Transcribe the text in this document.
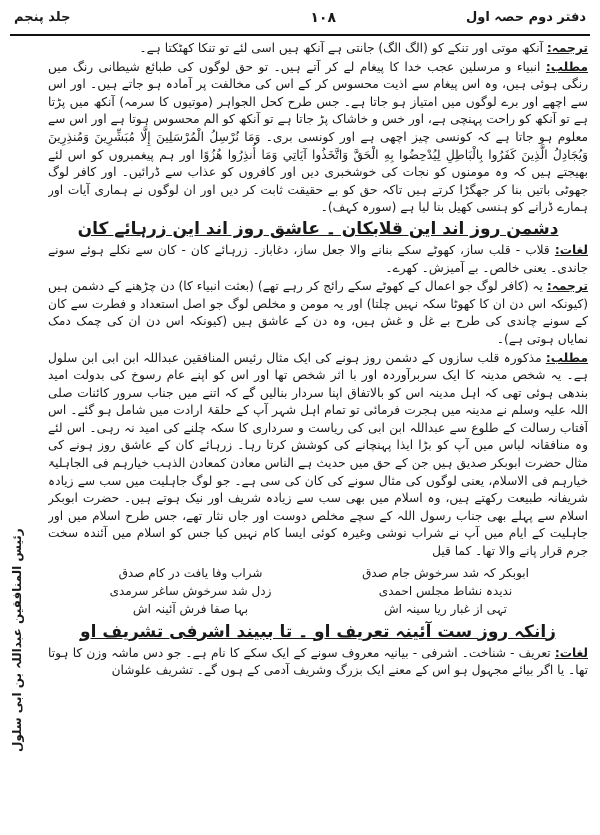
دفتر دوم حصہ اول
۱۰۸
جلد پنجم

ترجمہ: آنکھ موتی اور تنکے کو (الگ الگ) جانتی ہے آنکھ ہیں اسی لئے تو تنکا کھٹکتا ہے۔

مطلب: انبیاء و مرسلین عجب خدا کا پیغام لے کر آتے ہیں۔ تو حق لوگوں کی طبائع شیطانی رنگ میں رنگی ہوئی ہیں، وہ اس پیغام سے اذیت محسوس کر کے اس کی مخالفت پر آمادہ ہو جاتے ہیں۔ اور اس سے اچھے اور برے لوگوں میں امتیاز ہو جاتا ہے۔ جس طرح کحل الجواہر (موتیوں کا سرمہ) آنکھ میں پڑتا ہے تو آنکھ کو راحت پہنچی ہے، اور خس و خاشاک پڑ جاتا ہے تو آنکھ کو الم محسوس ہوتا ہے اور اس سے معلوم ہو جاتا ہے کہ کونسی چیز اچھی ہے اور کونسی بری۔ وَمَا نُرْسِلُ الْمُرْسَلِينَ إِلَّا مُبَشِّرِينَ وَمُنذِرِينَ وَيُجَادِلُ الَّذِينَ كَفَرُوا بِالْبَاطِلِ لِيُدْحِضُوا بِهِ الْحَقَّ وَاتَّخَذُوا آيَاتِي وَمَا أُنذِرُوا هُزُوًا اور ہم پیغمبروں کو اس لئے بھیجتے ہیں کہ وہ مومنوں کو نجات کی خوشخبری دیں اور کافروں کو عذاب سے ڈرائیں۔ اور کافر لوگ جھوٹی باتیں بنا کر جھگڑا کرتے ہیں تاکہ حق کو بے حقیقت ثابت کر دیں اور ان لوگوں نے ہماری آیات اور ہمارے ڈرانے کو ہنسی کھیل بنا لیا ہے (سورہ کہف)۔

دشمن روز اند این قلابکان ۔ عاشق روز اند این زرہائے کان

لغات: قلاب - قلب ساز، کھوٹے سکے بنانے والا جعل ساز، دغاباز۔ زرہائے کان - کان سے نکلے ہوئے سونے جاندی۔ یعنی خالص۔ بے آمیزش۔ کھرے۔

ترجمہ: یہ (کافر لوگ جو اعمال کے کھوٹے سکے رائج کر رہے تھے) (بعثت انبیاء کا) دن چڑھنے کے دشمن ہیں (کیونکہ اس دن ان کا کھوٹا سکہ نہیں چلتا) اور یہ مومن و مخلص لوگ جو اصل استعداد و فطرت سے کان کے سونے چاندی کی طرح بے غل و غش ہیں، وہ دن کے عاشق ہیں (کیونکہ اس دن ان کی چمک دمک نمایاں ہوتی ہے)۔

مطلب: مذکورہ قلب سازوں کے دشمن روز ہونے کی ایک مثال رئیس المنافقین عبداللہ ابن ابی ابن سلول ہے۔ یہ شخص مدینہ کا ایک سربرآوردہ اور با اثر شخص تھا اور اس کو اپنے عام رسوخ کی بدولت امید بندھی ہوئی تھی کہ اہل مدینہ اس کو بالاتفاق اپنا سردار بنالیں گے کہ اتنے میں جناب سرور کائنات صلی اللہ علیہ وسلم نے مدینہ میں ہجرت فرمائی تو تمام اہل شہر آپ کے حلقۂ ارادت میں شامل ہو گئے۔ اس آفتاب رسالت کے طلوع سے عبداللہ ابن ابی کی ریاست و سرداری کا سکہ چلنے کی امید نہ رہی۔ اس لئے وہ منافقانہ لباس میں آپ کو بڑا ایذا پہنچانے کی کوشش کرتا رہا۔ زرہائے کان کے عاشق روز ہونے کی مثال حضرت ابوبکر صدیق ہیں جن کے حق میں حدیث ہے الناس معادن کمعادن الذہب خیارہم فی الجاہلیۃ خیارہم فی الاسلام، یعنی لوگوں کی مثال سونے کی کان کی سی ہے۔ جو لوگ جاہلیت میں سب سے زیادہ شریفانہ طبیعت رکھتے ہیں، وہ اسلام میں بھی سب سے زیادہ شریف اور نیک ہوتے ہیں۔ حضرت ابوبکر اسلام سے پہلے بھی جناب رسول اللہ کے سچے مخلص دوست اور جاں نثار تھے، جس طرح اسلام میں اور جاہلیت کے ایام میں آپ نے شراب نوشی وغیرہ کوئی ایسا کام نہیں کیا جس کو اسلام میں آئندہ سخت جرم قرار پانے والا تھا۔ کما قیل

ابوبکر کہ شد سرخوش جام صدق
شراب وفا یافت در کام صدق
ندیدہ نشاط مجلس احمدی
زدل شد سرخوش ساغر سرمدی
تہی از غبار ریا سینہ اش
بہا صفا فرش آئینہ اش
زانکہ روز ست آئینہ تعریف او ۔ تا ببیند اشرفی تشریف او

لغات: تعریف - شناخت۔ اشرفی - بیانیہ معروف سونے کے ایک سکے کا نام ہے۔ جو دس ماشہ وزن کا ہوتا تھا۔ یا اگر بیائے مجہول ہو اس کے معنے ایک بزرگ وشریف آدمی کے ہوں گے۔ تشریف علوشان

رئیس المنافقین عبداللہ بن ابی سلول
